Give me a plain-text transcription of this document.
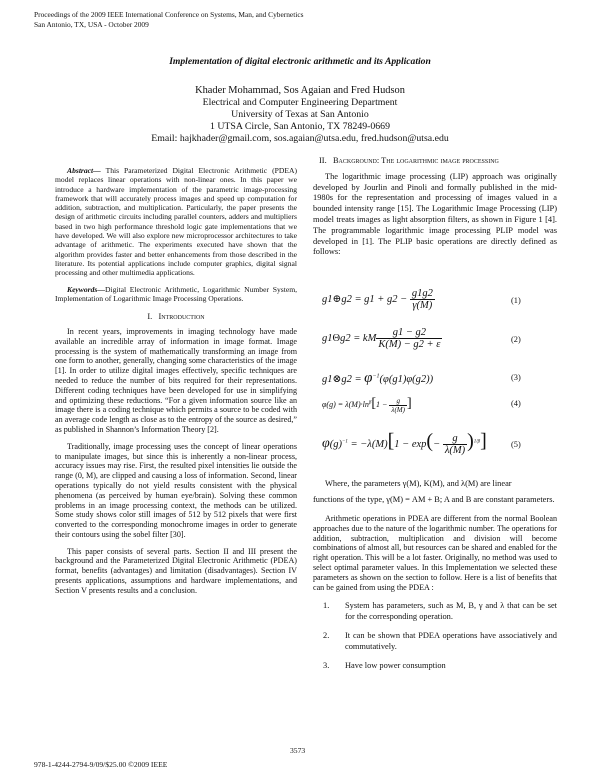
Proceedings of the 2009 IEEE International Conference on Systems, Man, and Cybernetics
San Antonio, TX, USA - October 2009
Implementation of digital electronic arithmetic and its Application
Khader Mohammad, Sos Agaian and Fred Hudson
Electrical and Computer Engineering Department
University of Texas at San Antonio
1 UTSA Circle, San Antonio, TX 78249-0669
Email: hajkhader@gmail.com, sos.agaian@utsa.edu, fred.hudson@utsa.edu

Abstract— This Parameterized Digital Electronic Arithmetic (PDEA) model replaces linear operations with non-linear ones. In this paper we introduce a hardware implementation of the parametric image-processing framework that will accurately process images and speed up computation for addition, subtraction, and multiplication. Particularly, the paper presents the design of arithmetic circuits including parallel counters, adders and multipliers based in two high performance threshold logic gate implementations that we have developed. We will also explore new microprocessor architectures to take advantage of arithmetic. The experiments executed have shown that the algorithm provides faster and better enhancements from those described in the literature. Its potential applications include computer graphics, digital signal processing and other multimedia applications.

Keywords—Digital Electronic Arithmetic, Logarithmic Number System, Implementation of Logarithmic Image Processing Operations.

I. Introduction

In recent years, improvements in imaging technology have made available an incredible array of information in image format. Image processing is the system of mathematically transforming an image from one form to another, generally, changing some characteristics of the image [1]. In order to utilize digital images effectively, specific techniques are needed to reduce the number of bits required for their representations. Different coding techniques have been developed for use in simplifying and optimizing these reductions. “For a given information source like an image there is a coding technique which permits a source to be coded with an average code length as close as to the entropy of the source as desired,” as published in Shannon’s Information Theory [2].

Traditionally, image processing uses the concept of linear operations to manipulate images, but since this is inherently a non-linear process, accuracy issues may rise. First, the resulted pixel intensities lie outside the range (0, M), are clipped and causing a loss of information. Second, linear operations typically do not yield results consistent with the physical phenomena (as perceived by human eye/brain). Solving these common problems in an image processing context, the methods can be utilized. Some study shows color still images of 512 by 512 pixels that were first converted to the corresponding monochrome images in order to generate their contours using the sobel filter [30].

This paper consists of several parts. Section II and III present the background and the Parameterized Digital Electronic Arithmetic (PDEA) format, benefits (advantages) and limitation (disadvantages). Section IV presents applications, assumptions and hardware implementations, and Section V presents results and a conclusion.

II. Background: The logarithmic image processing

The logarithmic image processing (LIP) approach was originally developed by Jourlin and Pinoli and formally published in the mid-1980s for the representation and processing of images valued in a bounded intensity range [15]. The Logarithmic Image Processing (LIP) model treats images as light absorption filters, as shown in Figure 1 [4]. The programmable logarithmic image processing PLIP model was developed in [1]. The PLIP basic operations are directly defined as follows:

g1⊕g2 = $g1 + g2 - \frac{g1g2}{\gamma(M)}$	(1)
g1Θg2 = kM $\frac{g1 - g2}{K(M) - g2 + \varepsilon}$	(2)
g1⊗g2 = $\varphi^{-1}(\varphi(g1)\varphi(g2))$	(3)
$\varphi(g) = \lambda(M)\cdot\ln^\beta[1 - \frac{g}{\lambda(M)}$ ]	(4)
$\varphi(g)^{-1} = -\lambda(M)[1 - \exp(- \frac{g}{\lambda(M)} )^{1/\beta}]$	(5)

Where, the parameters γ(M), K(M), and λ(M) are linear

functions of the type, γ(M) = AM + B; A and B are constant parameters.

Arithmetic operations in PDEA are different from the normal Boolean approaches due to the nature of the logarithmic number. The operations for addition, subtraction, multiplication and division will become combinations of almost all, but resources can be shared and enabled for the right operation. This will be a lot faster. Originally, no method was used to select optimal parameter values. In this Implementation we selected these parameters as shown on the section to follow. Here is a list of benefits that can be gained from using the PDEA :

1. System has parameters, such as M, B, γ and λ that can be set for the corresponding operation.
2. It can be shown that PDEA operations have associatively and commutatively.
3. Have low power consumption
978-1-4244-2794-9/09/$25.00 ©2009 IEEE
3573
